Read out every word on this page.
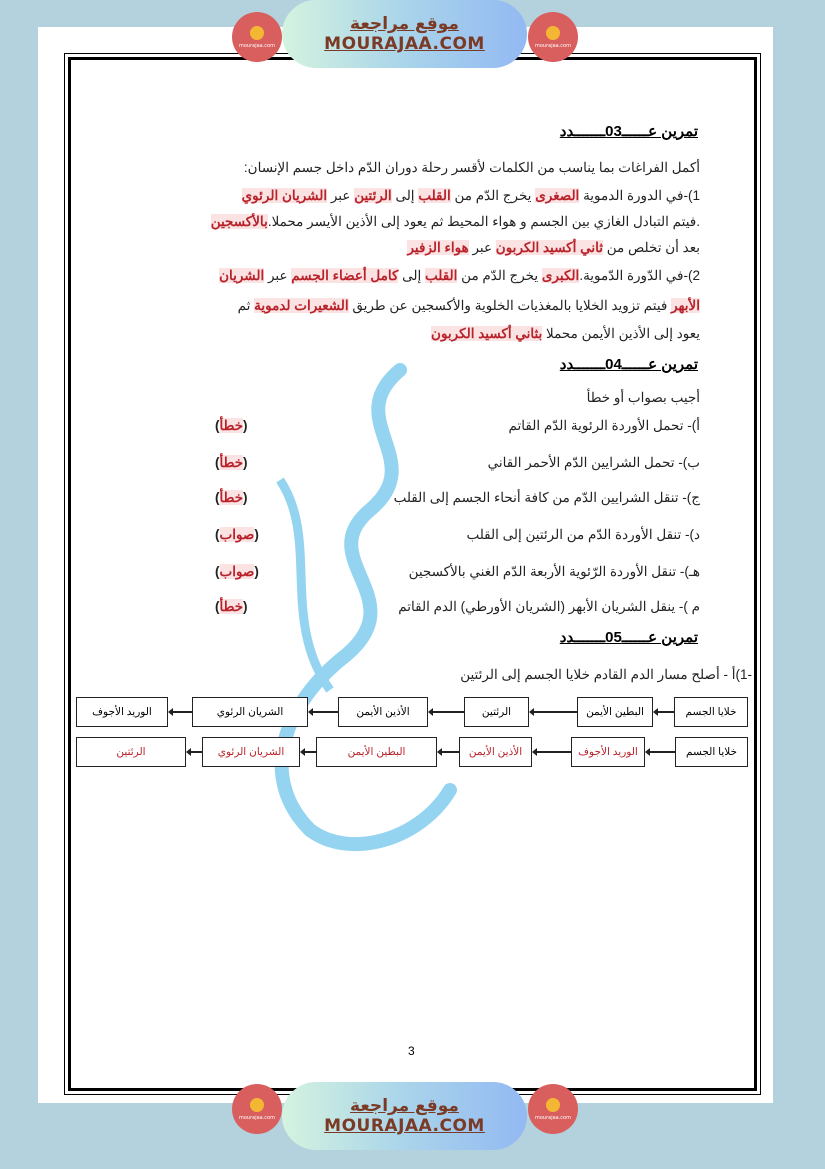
mourajaa.com
موقع مراجعة
MOURAJAA.COM	mourajaa.com
تمرين عــــــ03ـــــــدد
أكمل الفراغات بما يناسب من الكلمات لأقسر رحلة دوران الدّم داخل جسم الإنسان:
1)-في الدورة الدموية الصغرى يخرج الدّم من القلب إلى الرئتين عبر الشريان الرئوي
.فيتم التبادل الغازي بين الجسم و هواء المحيط ثم يعود إلى الأذين الأيسر محملا.بالأكسجين
بعد أن تخلص من ثاني أكسيد الكربون عبر هواء الزفير
2)-في الدّورة الدّموية.الكبرى يخرج الدّم من القلب إلى كامل أعضاء الجسم عبر الشريان
الأبهر فيتم تزويد الخلايا بالمغذيات الخلوية والأكسجين عن طريق الشعيرات لدموية ثم
يعود إلى الأذين الأيمن محملا بثاني أكسيد الكربون
تمرين عــــــ04ـــــــدد
أجيب بصواب أو خطأ
أ)- تحمل الأوردة الرئوية الدّم القاتم
(خطأ)
ب)- تحمل الشرايين الدّم الأحمر القاني
(خطأ)
ج)- تنقل الشرايين الدّم من كافة أنحاء الجسم إلى القلب
(خطأ)
د)- تنقل الأوردة الدّم من الرئتين إلى القلب
(صواب)
هـ)- تنقل الأوردة الرّئوية الأربعة الدّم الغني بالأكسجين
(صواب)
م )- ينقل الشريان الأبهر (الشريان الأورطي) الدم القاتم
(خطأ)
تمرين عــــــ05ـــــــدد
-1)أ - أصلح مسار الدم القادم خلايا الجسم إلى الرئتين
خلايا الجسم
البطين الأيمن
الرئتين
الأذين الأيمن
الشريان الرئوي
الوريد الأجوف
خلايا الجسم
الوريد الأجوف
الأذين الأيمن
البطين الأيمن
الشريان الرئوي
الرئتين
3
mourajaa.com
موقع مراجعة
MOURAJAA.COM	mourajaa.com
